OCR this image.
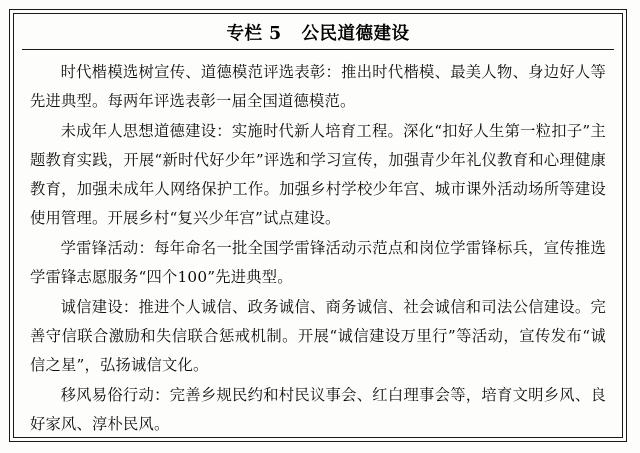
专栏 5   公民道德建设

时代楷模选树宣传、道德模范评选表彰：推出时代楷模、最美人物、身边好人等先进典型。每两年评选表彰一届全国道德模范。

未成年人思想道德建设：实施时代新人培育工程。深化“扣好人生第一粒扣子”主题教育实践，开展“新时代好少年”评选和学习宣传，加强青少年礼仪教育和心理健康教育，加强未成年人网络保护工作。加强乡村学校少年宫、城市课外活动场所等建设使用管理。开展乡村“复兴少年宫”试点建设。

学雷锋活动：每年命名一批全国学雷锋活动示范点和岗位学雷锋标兵，宣传推选学雷锋志愿服务“四个100”先进典型。

诚信建设：推进个人诚信、政务诚信、商务诚信、社会诚信和司法公信建设。完善守信联合激励和失信联合惩戒机制。开展“诚信建设万里行”等活动，宣传发布“诚信之星”，弘扬诚信文化。

移风易俗行动：完善乡规民约和村民议事会、红白理事会等，培育文明乡风、良好家风、淳朴民风。
